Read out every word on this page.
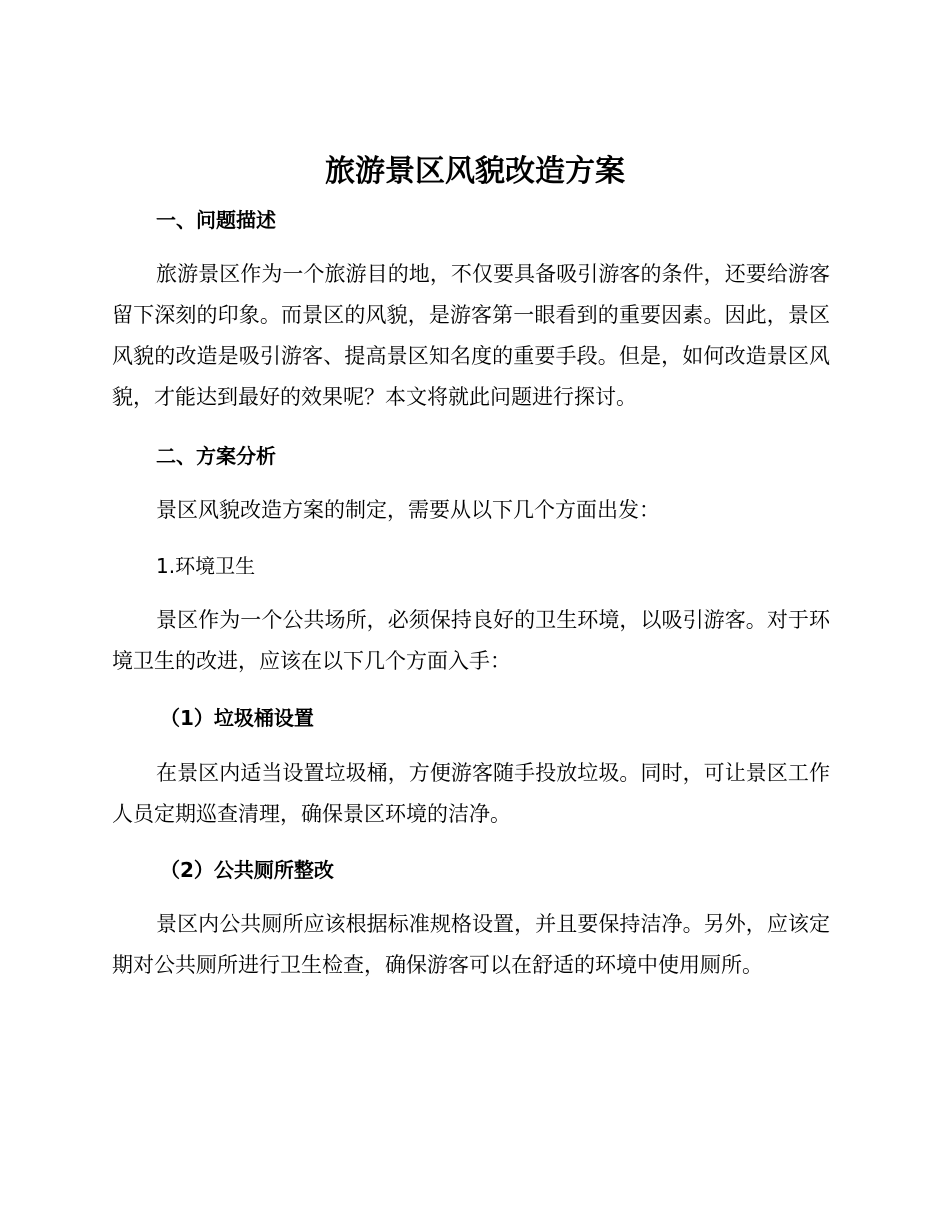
旅游景区风貌改造方案
一、问题描述

旅游景区作为一个旅游目的地，不仅要具备吸引游客的条件，还要给游客留下深刻的印象。而景区的风貌，是游客第一眼看到的重要因素。因此，景区风貌的改造是吸引游客、提高景区知名度的重要手段。但是，如何改造景区风貌，才能达到最好的效果呢？本文将就此问题进行探讨。

二、方案分析

景区风貌改造方案的制定，需要从以下几个方面出发：

1.环境卫生

景区作为一个公共场所，必须保持良好的卫生环境，以吸引游客。对于环境卫生的改进，应该在以下几个方面入手：

（1）垃圾桶设置

在景区内适当设置垃圾桶，方便游客随手投放垃圾。同时，可让景区工作人员定期巡查清理，确保景区环境的洁净。

（2）公共厕所整改

景区内公共厕所应该根据标准规格设置，并且要保持洁净。另外，应该定期对公共厕所进行卫生检查，确保游客可以在舒适的环境中使用厕所。
